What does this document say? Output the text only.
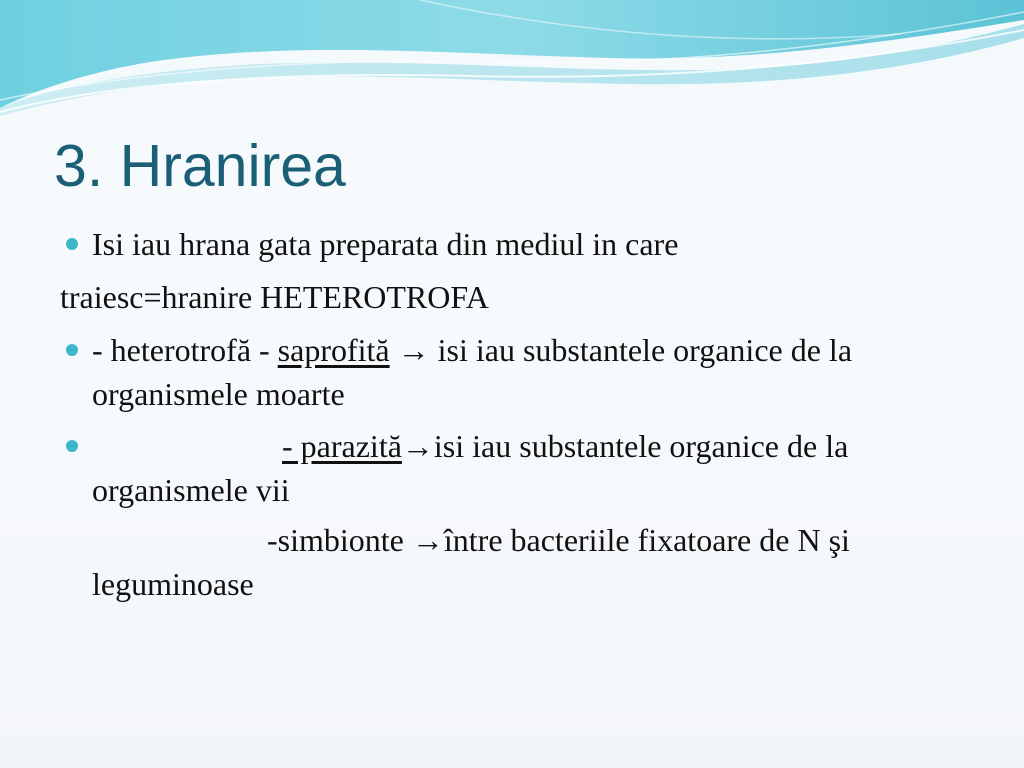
3. Hranirea

Isi iau hrana gata preparata din mediul in care

traiesc=hranire HETEROTROFA

- heterotrofă - saprofită → isi iau substantele organice de la organismele moarte

- parazită→isi iau substantele organice de la organismele vii

-simbionte →între bacteriile fixatoare de N şi leguminoase
